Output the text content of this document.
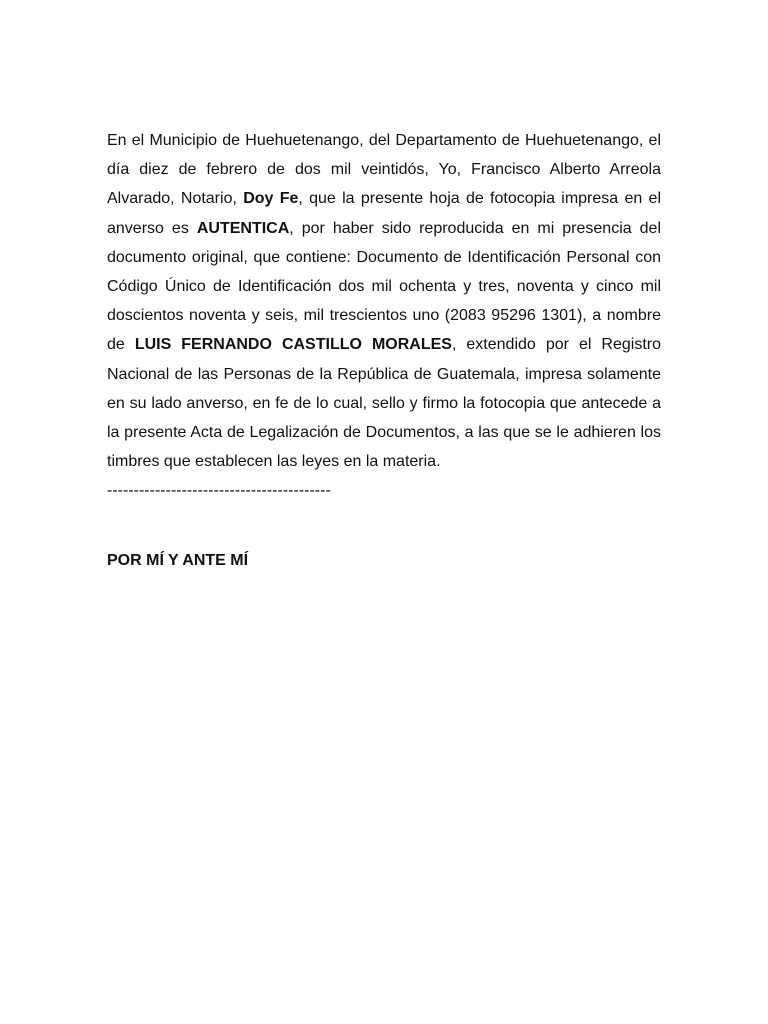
En el Municipio de Huehuetenango, del Departamento de Huehuetenango, el día diez de febrero de dos mil veintidós, Yo, Francisco Alberto Arreola Alvarado, Notario, Doy Fe, que la presente hoja de fotocopia impresa en el anverso es AUTENTICA, por haber sido reproducida en mi presencia del documento original, que contiene: Documento de Identificación Personal con Código Único de Identificación dos mil ochenta y tres, noventa y cinco mil doscientos noventa y seis, mil trescientos uno (2083 95296 1301), a nombre de LUIS FERNANDO CASTILLO MORALES, extendido por el Registro Nacional de las Personas de la República de Guatemala, impresa solamente en su lado anverso, en fe de lo cual, sello y firmo la fotocopia que antecede a la presente Acta de Legalización de Documentos, a las que se le adhieren los timbres que establecen las leyes en la materia.
------------------------------------------

POR MÍ Y ANTE MÍ
